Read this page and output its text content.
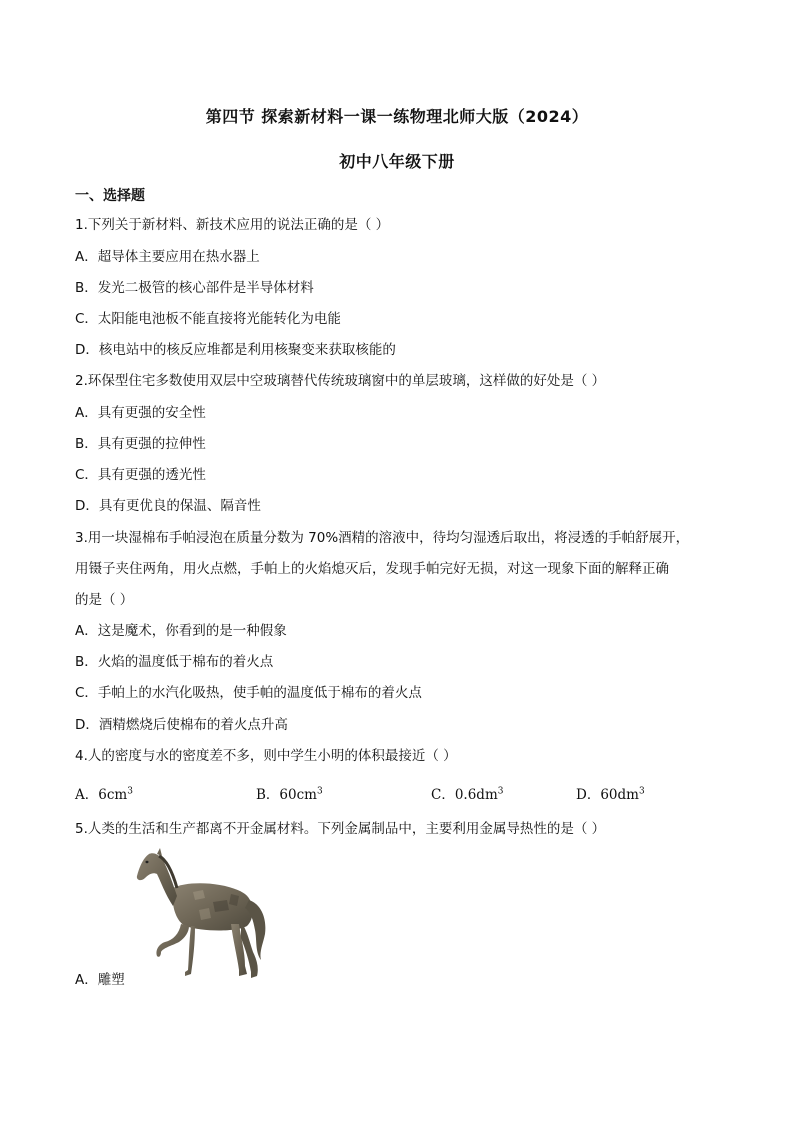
第四节 探索新材料一课一练物理北师大版（2024）
初中八年级下册
一、选择题
1.下列关于新材料、新技术应用的说法正确的是（ ）
A．超导体主要应用在热水器上
B．发光二极管的核心部件是半导体材料
C．太阳能电池板不能直接将光能转化为电能
D．核电站中的核反应堆都是利用核聚变来获取核能的
2.环保型住宅多数使用双层中空玻璃替代传统玻璃窗中的单层玻璃，这样做的好处是（ ）
A．具有更强的安全性
B．具有更强的拉伸性
C．具有更强的透光性
D．具有更优良的保温、隔音性
3.用一块湿棉布手帕浸泡在质量分数为 70%酒精的溶液中，待均匀湿透后取出，将浸透的手帕舒展开，
用镊子夹住两角，用火点燃，手帕上的火焰熄灭后，发现手帕完好无损，对这一现象下面的解释正确
的是（ ）
A．这是魔术，你看到的是一种假象
B．火焰的温度低于棉布的着火点
C．手帕上的水汽化吸热，使手帕的温度低于棉布的着火点
D．酒精燃烧后使棉布的着火点升高
4.人的密度与水的密度差不多，则中学生小明的体积最接近（ ）
A．$6cm^3$	B．$60cm^3$	C．$0.6dm^3$	D．$60dm^3$
5.人类的生活和生产都离不开金属材料。下列金属制品中，主要利用金属导热性的是（ ）
A．雕塑
